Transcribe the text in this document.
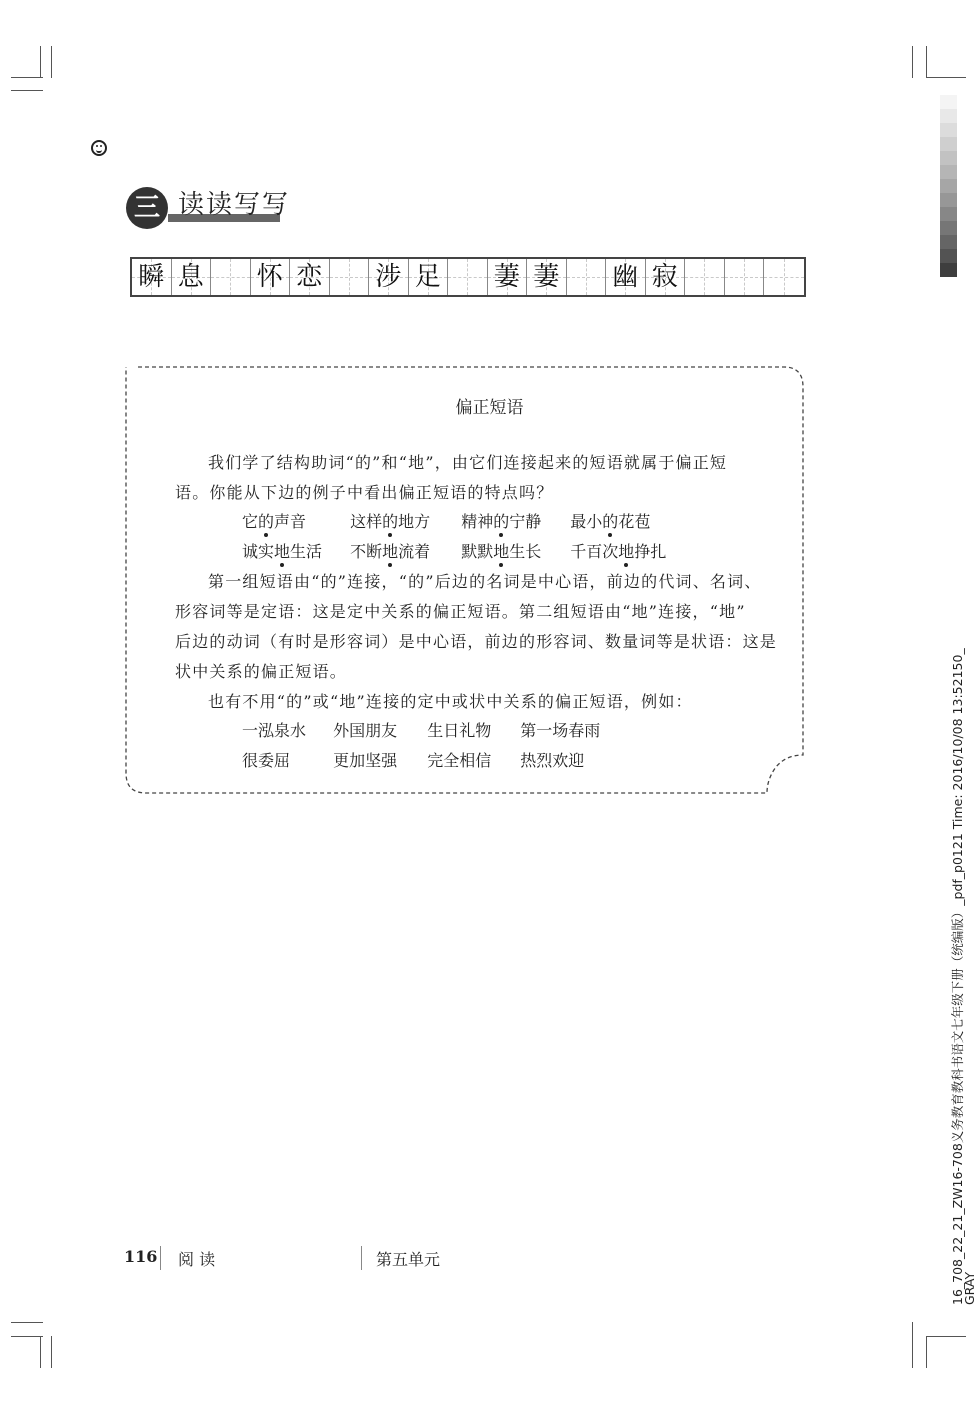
三 读读写写
瞬 息 怀 恋 涉 足 萋 萋 幽 寂
偏正短语
我们学了结构助词“的”和“地”，由它们连接起来的短语就属于偏正短
语。你能从下边的例子中看出偏正短语的特点吗？
它的声音	这样的地方 精神的宁静 最小的花苞
诚实地生活 不断地流着 默默地生长 千百次地挣扎
第一组短语由“的”连接，“的”后边的名词是中心语，前边的代词、名词、
形容词等是定语：这是定中关系的偏正短语。第二组短语由“地”连接，“地”
后边的动词（有时是形容词）是中心语，前边的形容词、数量词等是状语：这是
状中关系的偏正短语。
也有不用“的”或“地”连接的定中或状中关系的偏正短语，例如：
一泓泉水 外国朋友 生日礼物 第一场春雨
很委屈	更加坚强 完全相信 热烈欢迎
116 阅 读	第五单元	16_708_22_21_ZW16-708义务教育教科书语文七年级下册（统编版）_pdf_p0121 Time: 2016/10/08 13:52150_
GRAY
